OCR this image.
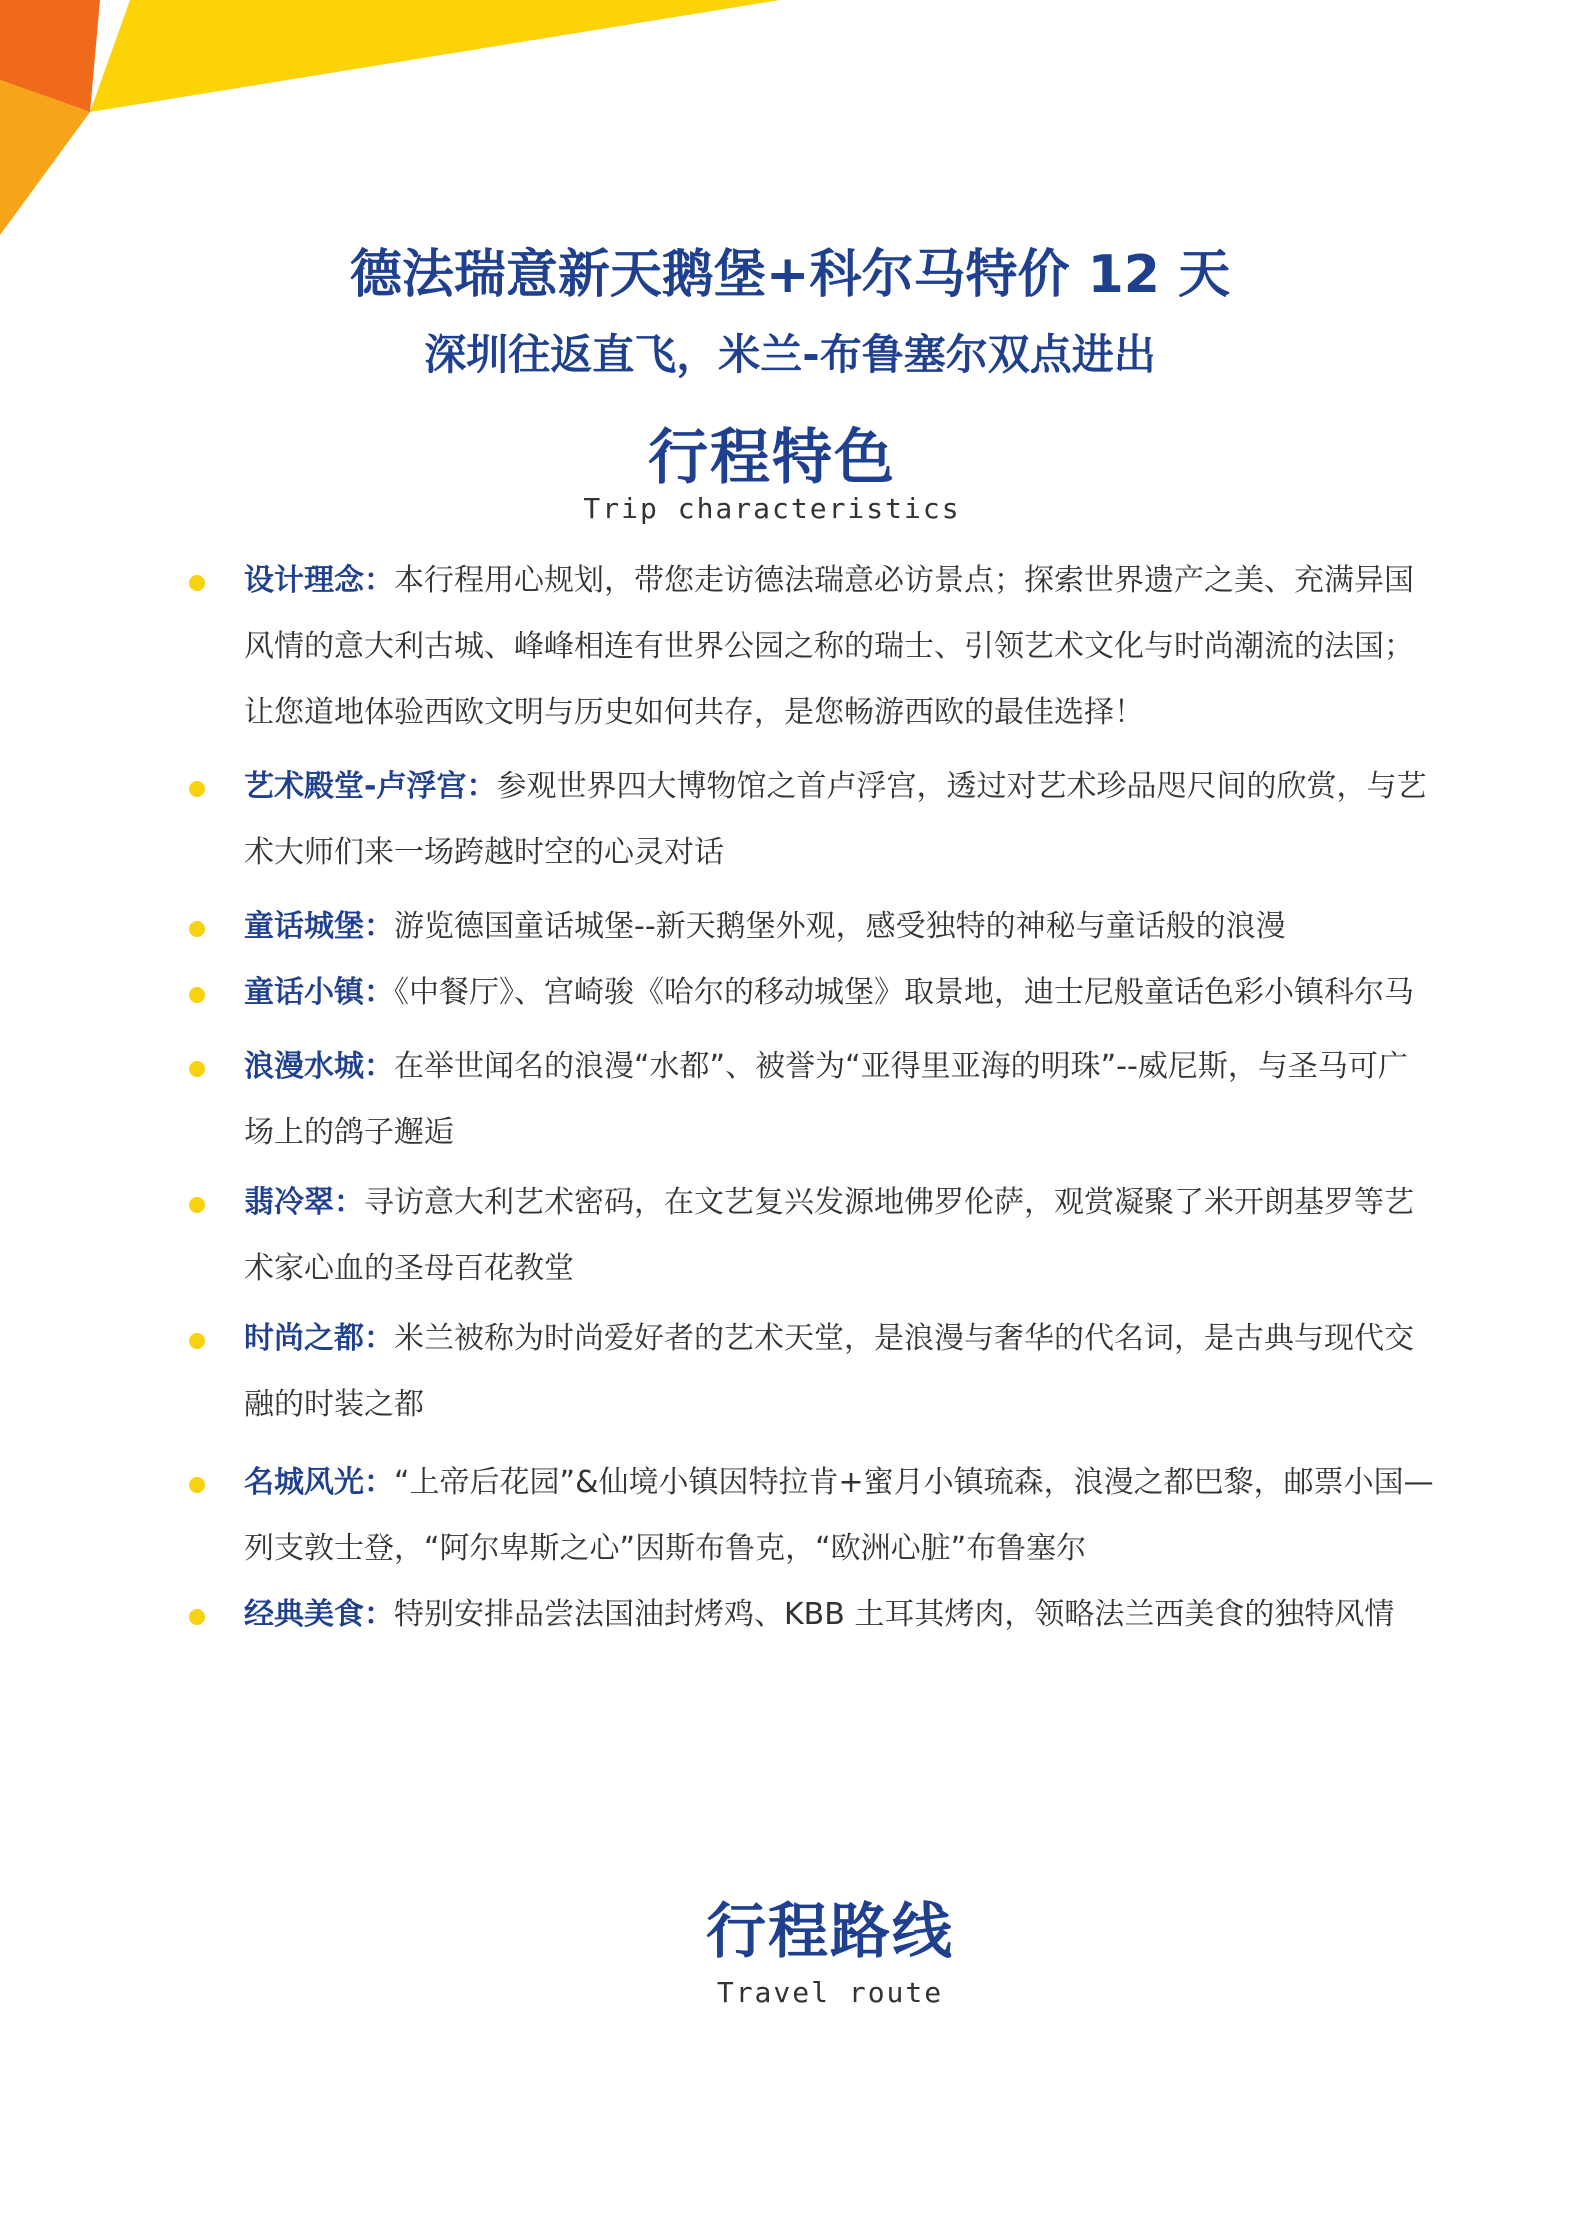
德法瑞意新天鹅堡+科尔马特价 12 天
深圳往返直飞，米兰-布鲁塞尔双点进出
行程特色
Trip characteristics
设计理念：本行程用心规划，带您走访德法瑞意必访景点；探索世界遗产之美、充满异国风情的意大利古城、峰峰相连有世界公园之称的瑞士、引领艺术文化与时尚潮流的法国；让您道地体验西欧文明与历史如何共存，是您畅游西欧的最佳选择！
艺术殿堂-卢浮宫：参观世界四大博物馆之首卢浮宫，透过对艺术珍品咫尺间的欣赏，与艺术大师们来一场跨越时空的心灵对话
童话城堡：游览德国童话城堡--新天鹅堡外观，感受独特的神秘与童话般的浪漫
童话小镇：《中餐厅》、宫崎骏《哈尔的移动城堡》取景地，迪士尼般童话色彩小镇科尔马
浪漫水城：在举世闻名的浪漫“水都”、被誉为“亚得里亚海的明珠”--威尼斯，与圣马可广场上的鸽子邂逅
翡冷翠：寻访意大利艺术密码，在文艺复兴发源地佛罗伦萨，观赏凝聚了米开朗基罗等艺术家心血的圣母百花教堂
时尚之都：米兰被称为时尚爱好者的艺术天堂，是浪漫与奢华的代名词，是古典与现代交融的时装之都
名城风光：“上帝后花园”&仙境小镇因特拉肯+蜜月小镇琉森，浪漫之都巴黎，邮票小国—列支敦士登，“阿尔卑斯之心”因斯布鲁克，“欧洲心脏”布鲁塞尔
经典美食：特别安排品尝法国油封烤鸡、KBB 土耳其烤肉，领略法兰西美食的独特风情
行程路线
Travel route
